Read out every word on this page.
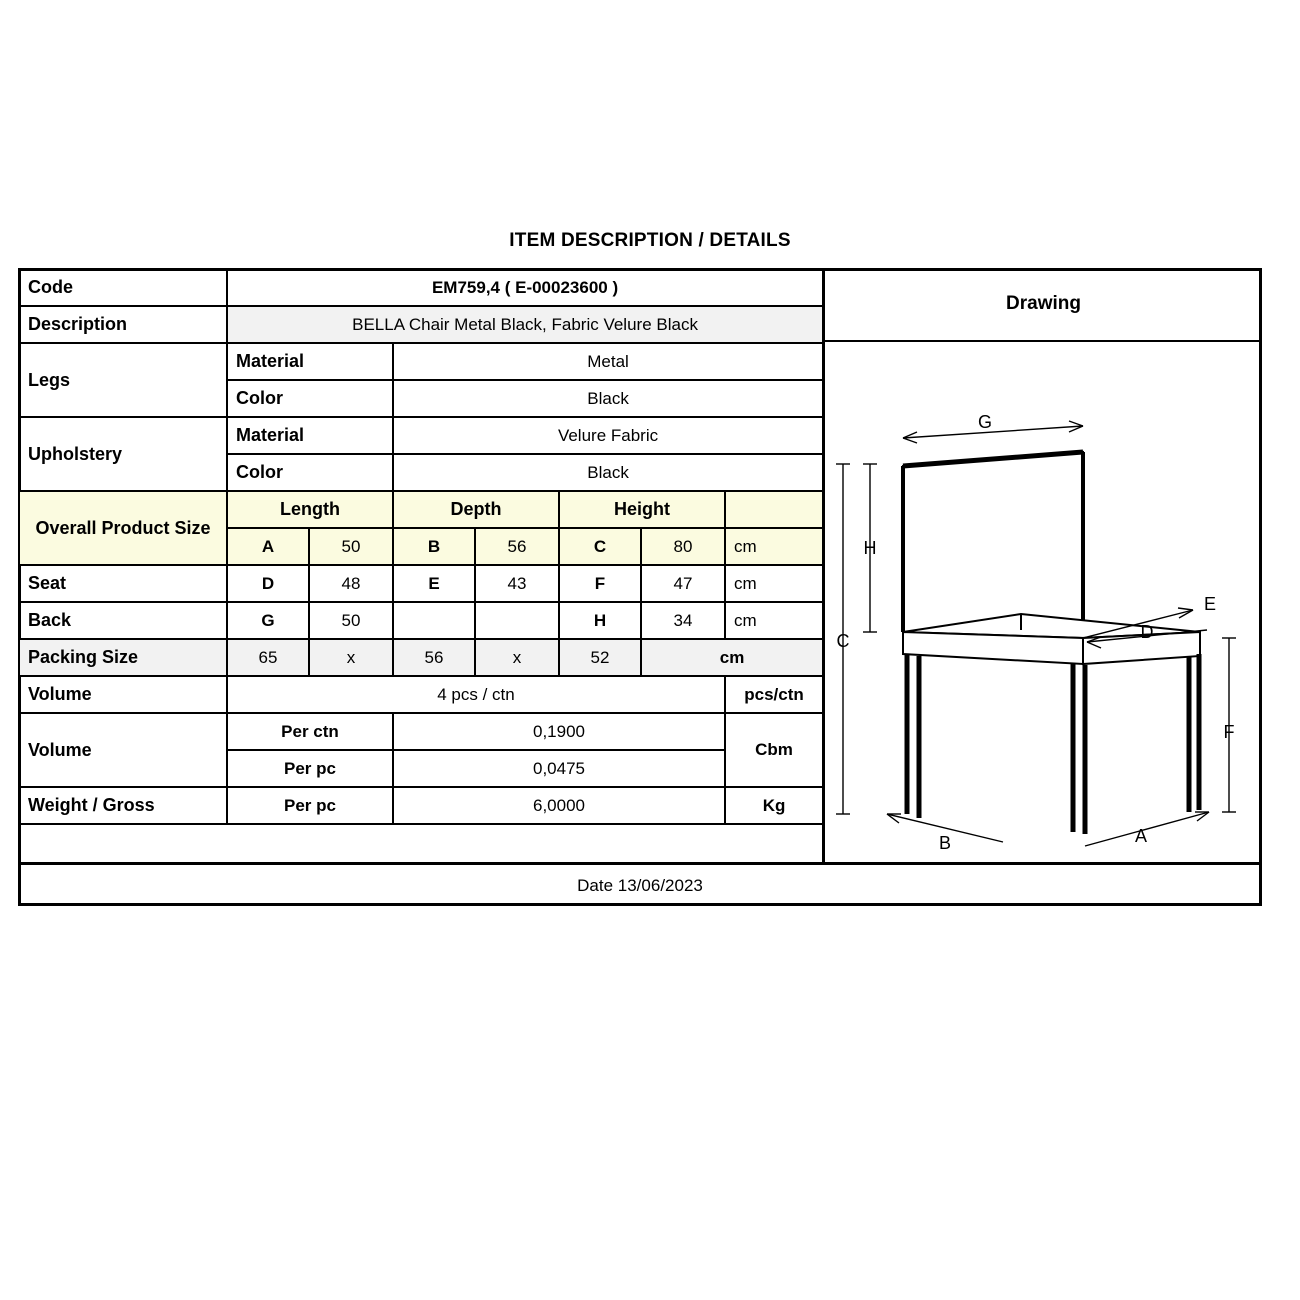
ITEM DESCRIPTION / DETAILS
Code	EM759,4 ( E-00023600 )						
Description	BELLA Chair Metal Black, Fabric Velure Black						
Legs	Material		Metal				
	Color		Black				
Upholstery	Material		Velure Fabric				
	Color		Black				
Overall Product Size	Length		Depth		Height		
	A	50	B	56	C	80	cm
Seat	D	48	E	43	F	47	cm
Back	G	50			H	34	cm
Packing Size	65	x	56	x	52	cm	
Volume	4 pcs / ctn						pcs/ctn
Volume	Per ctn		0,1900				Cbm
	Per pc		0,0475				
Weight / Gross	Per pc		6,0000				Kg
Drawing
G
H
C
E
D
F
B	A
Date 13/06/2023
